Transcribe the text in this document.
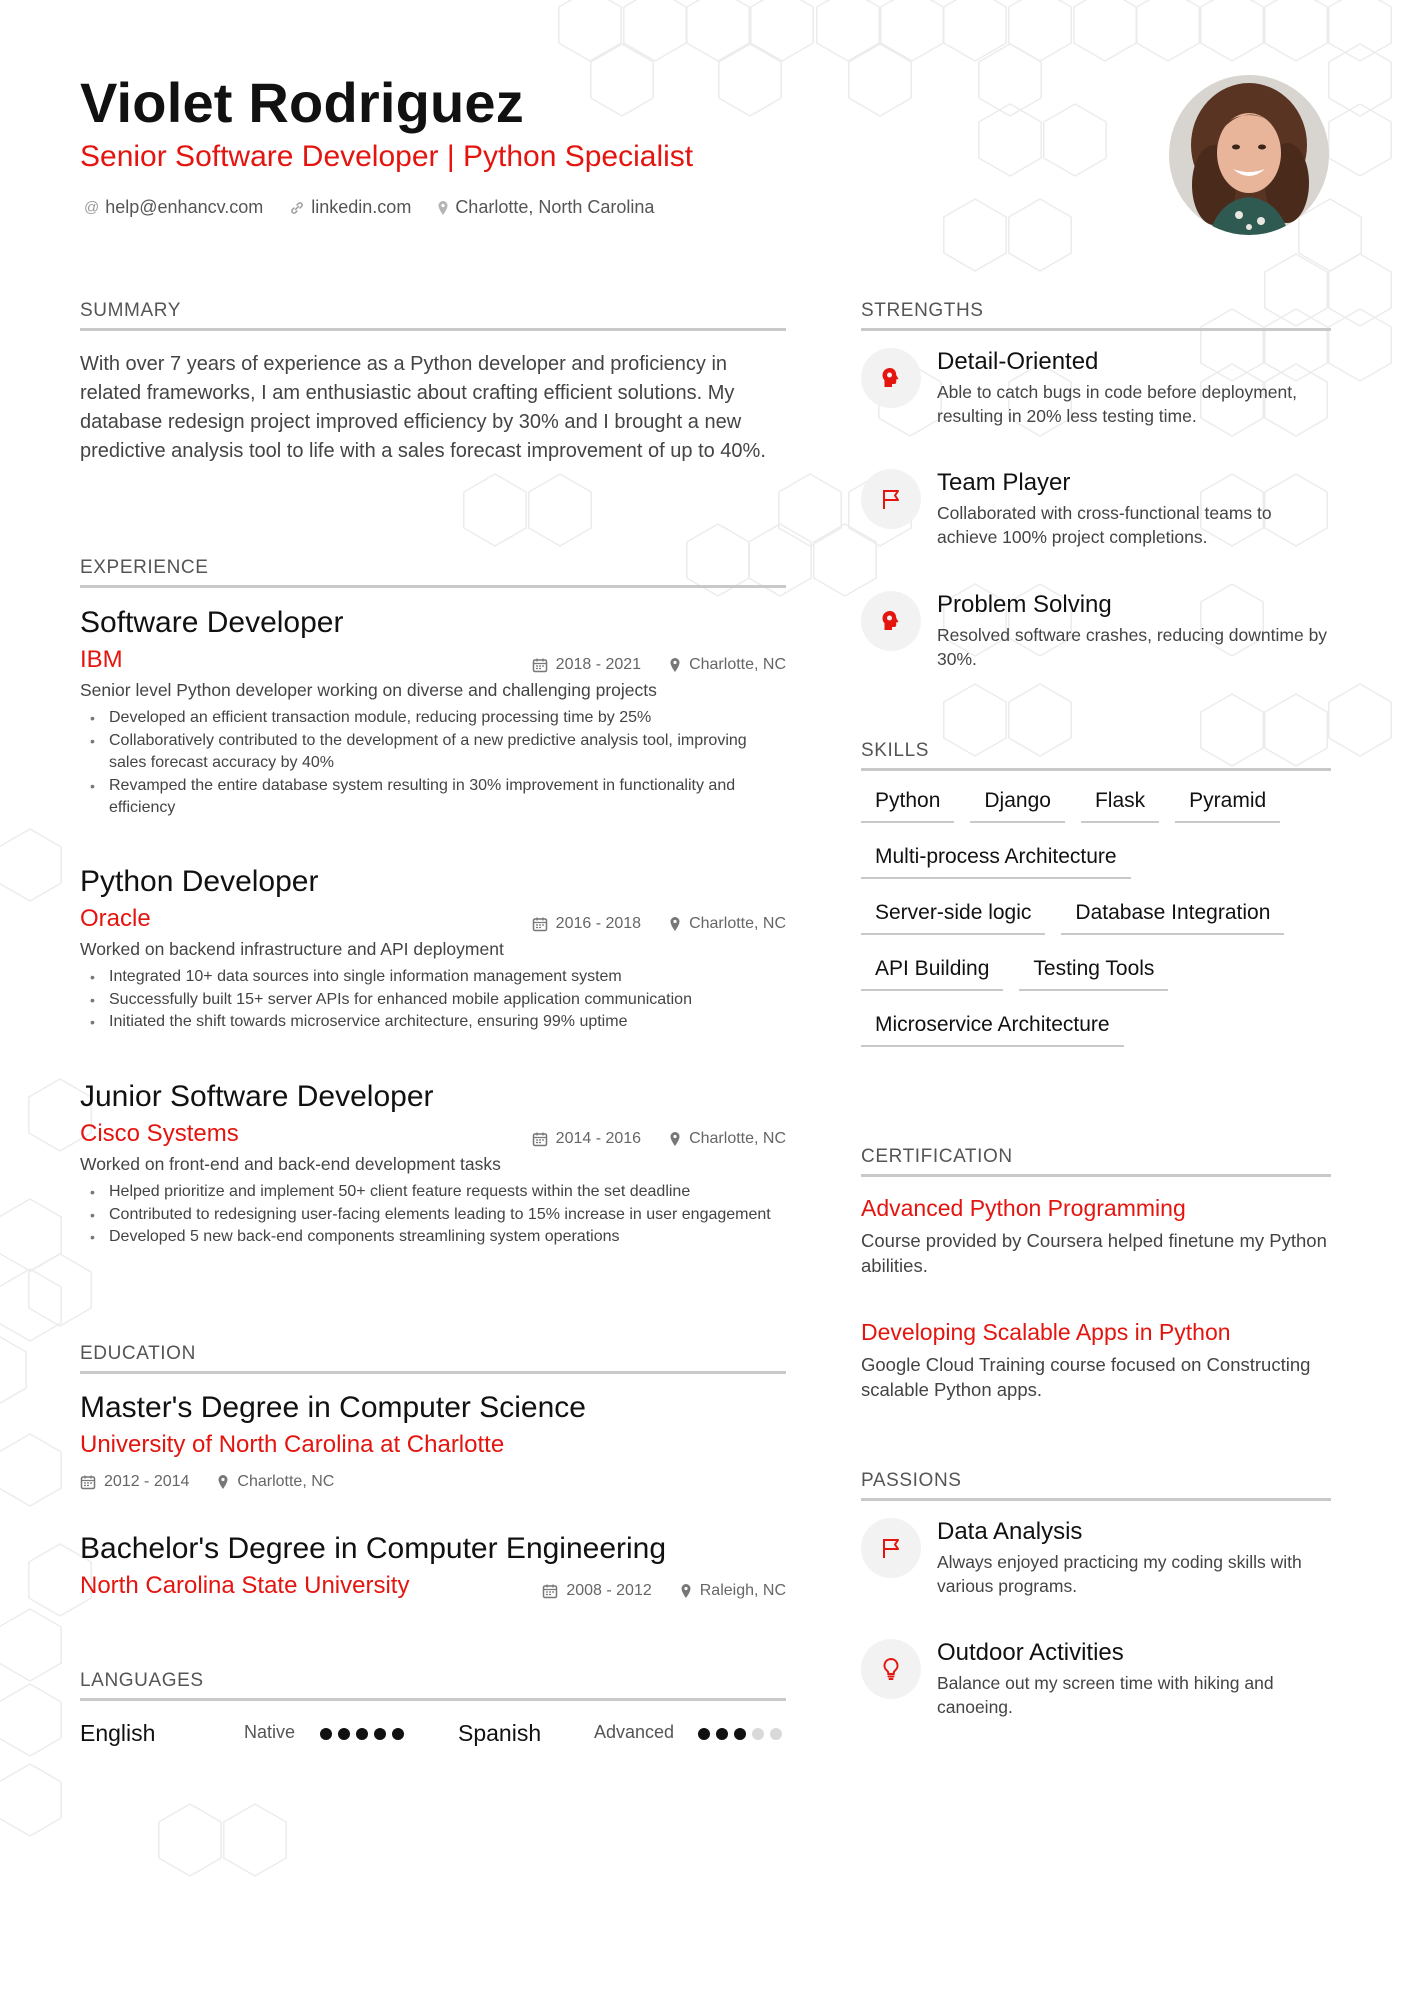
Violet Rodriguez
Senior Software Developer | Python Specialist
@ help@enhancv.com	linkedin.com Charlotte, North Carolina
SUMMARY
With over 7 years of experience as a Python developer and proficiency in related frameworks, I am enthusiastic about crafting efficient solutions. My database redesign project improved efficiency by 30% and I brought a new predictive analysis tool to life with a sales forecast improvement of up to 40%.
EXPERIENCE
Software Developer
IBM	2018 - 2021	Charlotte, NC
Senior level Python developer working on diverse and challenging projects
• Developed an efficient transaction module, reducing processing time by 25%
• Collaboratively contributed to the development of a new predictive analysis tool, improving sales forecast accuracy by 40%
• Revamped the entire database system resulting in 30% improvement in functionality and efficiency
Python Developer
Oracle	2016 - 2018	Charlotte, NC
Worked on backend infrastructure and API deployment
• Integrated 10+ data sources into single information management system
• Successfully built 15+ server APIs for enhanced mobile application communication
• Initiated the shift towards microservice architecture, ensuring 99% uptime
Junior Software Developer
Cisco Systems	2014 - 2016	Charlotte, NC
Worked on front-end and back-end development tasks
• Helped prioritize and implement 50+ client feature requests within the set deadline
• Contributed to redesigning user-facing elements leading to 15% increase in user engagement
• Developed 5 new back-end components streamlining system operations
EDUCATION
Master's Degree in Computer Science
University of North Carolina at Charlotte
2012 - 2014	Charlotte, NC
Bachelor's Degree in Computer Engineering
North Carolina State University	2008 - 2012	Raleigh, NC
LANGUAGES
English	Native	Spanish	Advanced
STRENGTHS
Detail-Oriented
Able to catch bugs in code before deployment, resulting in 20% less testing time.
Team Player
Collaborated with cross-functional teams to achieve 100% project completions.
Problem Solving
Resolved software crashes, reducing downtime by 30%.
SKILLS
Python	Django	Flask	Pyramid
Multi-process Architecture
Server-side logic	Database Integration
API Building	Testing Tools
Microservice Architecture
CERTIFICATION
Advanced Python Programming
Course provided by Coursera helped finetune my Python abilities.
Developing Scalable Apps in Python
Google Cloud Training course focused on Constructing scalable Python apps.
PASSIONS
Data Analysis
Always enjoyed practicing my coding skills with various programs.
Outdoor Activities
Balance out my screen time with hiking and canoeing.
